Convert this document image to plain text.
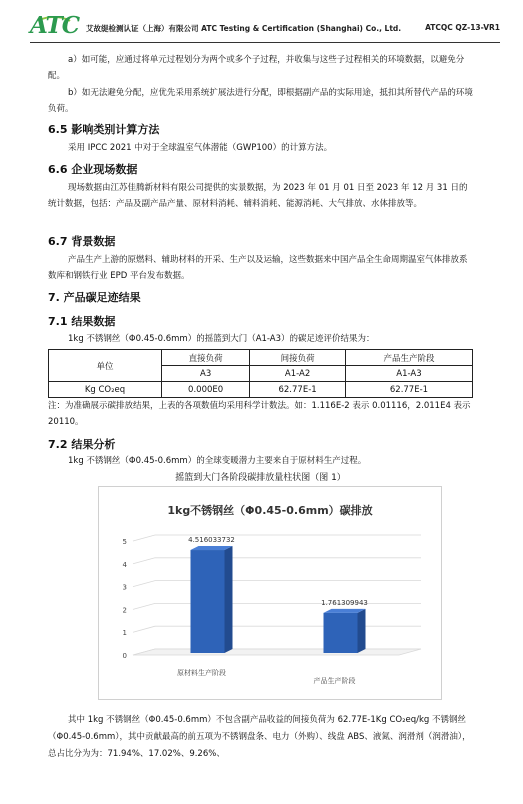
ATC 艾故缇检测认证（上海）有限公司 ATC Testing & Certification (Shanghai) Co., Ltd.	ATCQC QZ-13-VR1

a）如可能，应通过将单元过程划分为两个或多个子过程，并收集与这些子过程相关的环境数据，以避免分配。

b）如无法避免分配，应优先采用系统扩展法进行分配，即根据副产品的实际用途，抵扣其所替代产品的环境负荷。

6.5 影响类别计算方法

采用 IPCC 2021 中对于全球温室气体潜能（GWP100）的计算方法。

6.6 企业现场数据

现场数据由江苏佳腾新材料有限公司提供的实景数据，为 2023 年 01 月 01 日至 2023 年 12 月 31 日的统计数据，包括：产品及副产品产量、原材料消耗、辅料消耗、能源消耗、大气排放、水体排放等。

6.7 背景数据

产品生产上游的原燃料、辅助材料的开采、生产以及运输，这些数据来中国产品全生命周期温室气体排放系数库和钢铁行业 EPD 平台发布数据。

7. 产品碳足迹结果
7.1 结果数据

1kg 不锈钢丝（Φ0.45-0.6mm）的摇篮到大门（A1-A3）的碳足迹评价结果为：

单位	直接负荷	间接负荷	产品生产阶段
	A3	A1-A2	A1-A3
Kg CO₂eq	0.000E0	62.77E-1	62.77E-1

注：为准确展示碳排放结果，上表的各项数值均采用科学计数法。如：1.116E-2 表示 0.01116，2.011E4 表示 20110。

7.2 结果分析

1kg 不锈钢丝（Φ0.45-0.6mm）的全球变暖潜力主要来自于原材料生产过程。

摇篮到大门各阶段碳排放量柱状图（图 1）
1kg不锈钢丝（Φ0.45-0.6mm）碳排放
0
1
2
3
4
5	4.516033732
原材料生产阶段
1.761309943
产品生产阶段

其中 1kg 不锈钢丝（Φ0.45-0.6mm）不包含副产品收益的间接负荷为 62.77E-1Kg CO₂eq/kg 不锈钢丝（Φ0.45-0.6mm），其中贡献最高的前五项为不锈钢盘条、电力（外购）、线盘 ABS、液氮、润滑剂（润滑油），总占比分为为：71.94%、17.02%、9.26%、
